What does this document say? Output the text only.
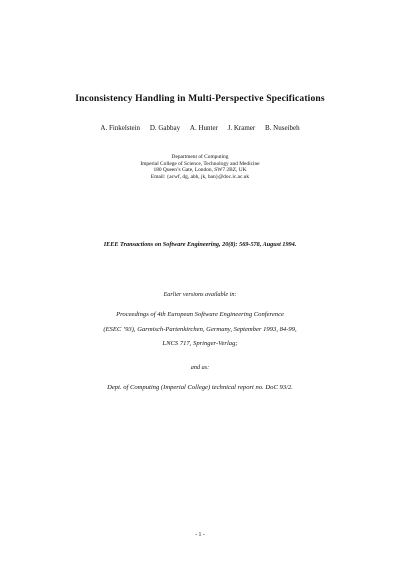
Inconsistency Handling in Multi-Perspective Specifications
A. Finkelstein D. Gabbay A. Hunter J. Kramer B. Nuseibeh
Department of Computing
Imperial College of Science, Technology and Medicine
180 Queen’s Gate, London, SW7 2BZ, UK
Email: {acwf, dg, abh, jk, ban}@doc.ic.ac.uk
IEEE Transactions on Software Engineering, 20(8): 569-578, August 1994.
Earlier versions available in:
Proceedings of 4th European Software Engineering Conference
(ESEC ’93), Garmisch-Partenkirchen, Germany, September 1993, 84-99,
LNCS 717, Springer-Verlag;
and as:
Dept. of Computing (Imperial College) technical report no. DoC 93/2.
- 1 -
